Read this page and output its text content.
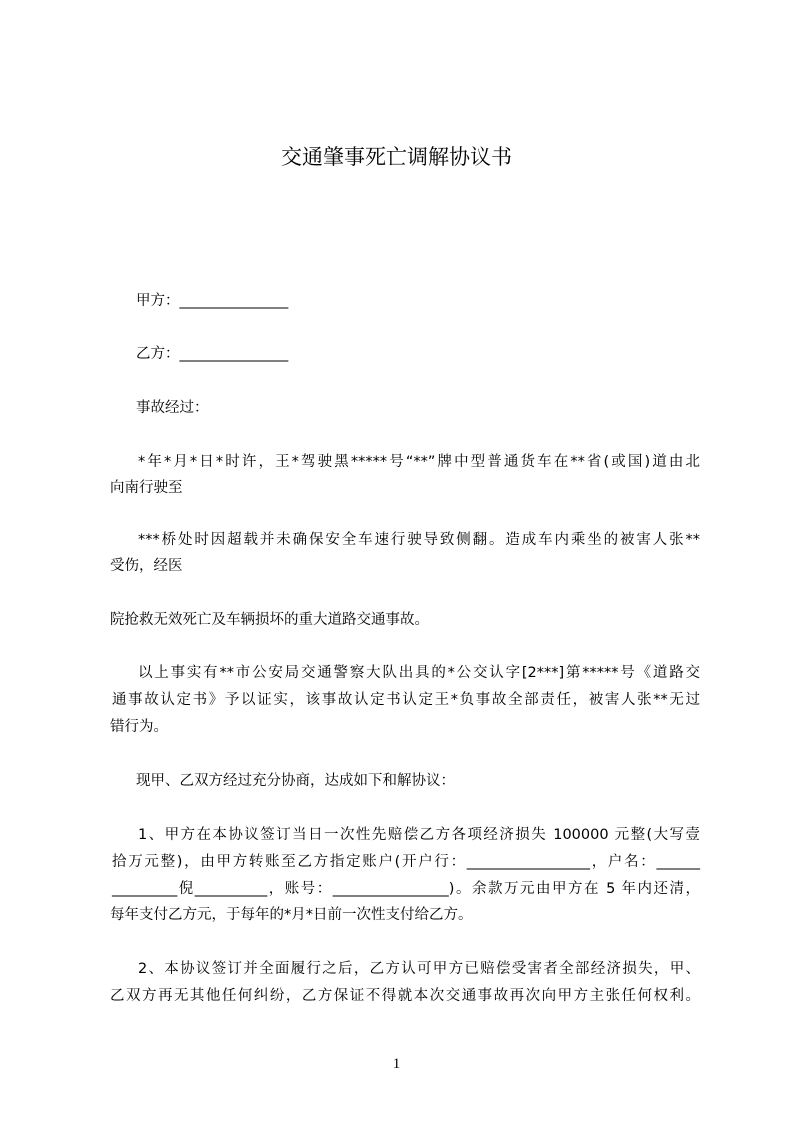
交通肇事死亡调解协议书
甲方：_______________
乙方：_______________
事故经过：
*年*月*日*时许，王*驾驶黑*****号“**”牌中型普通货车在**省(或国)道由北
向南行驶至
***桥处时因超载并未确保安全车速行驶导致侧翻。造成车内乘坐的被害人张**
受伤，经医
院抢救无效死亡及车辆损坏的重大道路交通事故。
以上事实有**市公安局交通警察大队出具的*公交认字[2***]第*****号《道路交
通事故认定书》予以证实，该事故认定书认定王*负事故全部责任，被害人张**无过
错行为。
现甲、乙双方经过充分协商，达成如下和解协议：
1、甲方在本协议签订当日一次性先赔偿乙方各项经济损失 100000 元整(大写壹
拾万元整)，由甲方转账至乙方指定账户(开户行：_________________，户名：______
_________倪__________，账号：________________)。余款万元由甲方在 5 年内还清，
每年支付乙方元，于每年的*月*日前一次性支付给乙方。
2、本协议签订并全面履行之后，乙方认可甲方已赔偿受害者全部经济损失，甲、
乙双方再无其他任何纠纷，乙方保证不得就本次交通事故再次向甲方主张任何权利。
1
